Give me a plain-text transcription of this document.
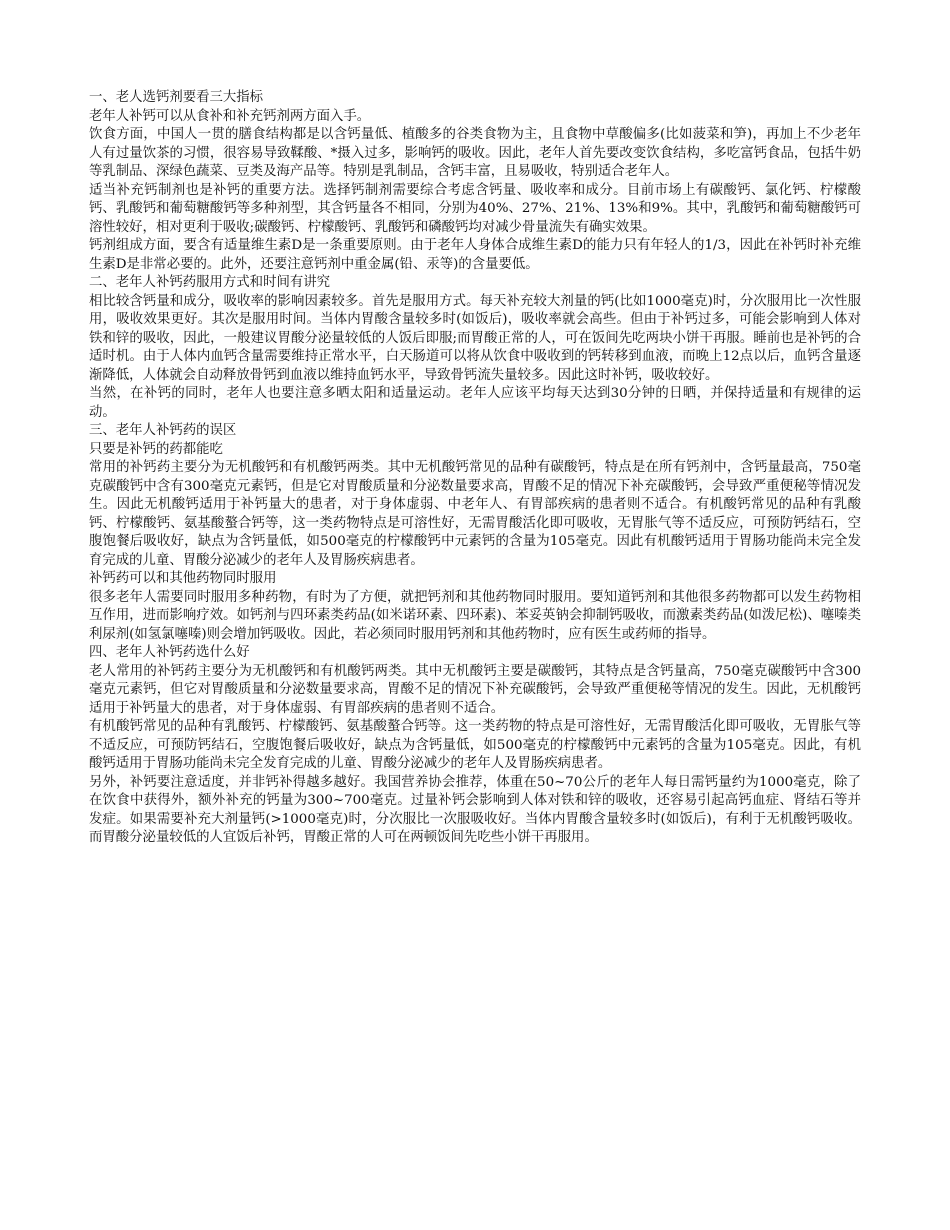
一、老人选钙剂要看三大指标

老年人补钙可以从食补和补充钙剂两方面入手。

饮食方面，中国人一贯的膳食结构都是以含钙量低、植酸多的谷类食物为主，且食物中草酸偏多(比如菠菜和笋)，再加上不少老年人有过量饮茶的习惯，很容易导致鞣酸、*摄入过多，影响钙的吸收。因此，老年人首先要改变饮食结构，多吃富钙食品，包括牛奶等乳制品、深绿色蔬菜、豆类及海产品等。特别是乳制品，含钙丰富，且易吸收，特别适合老年人。

适当补充钙制剂也是补钙的重要方法。选择钙制剂需要综合考虑含钙量、吸收率和成分。目前市场上有碳酸钙、氯化钙、柠檬酸钙、乳酸钙和葡萄糖酸钙等多种剂型，其含钙量各不相同，分别为40%、27%、21%、13%和9%。其中，乳酸钙和葡萄糖酸钙可溶性较好，相对更利于吸收;碳酸钙、柠檬酸钙、乳酸钙和磷酸钙均对减少骨量流失有确实效果。

钙剂组成方面，要含有适量维生素D是一条重要原则。由于老年人身体合成维生素D的能力只有年轻人的1/3，因此在补钙时补充维生素D是非常必要的。此外，还要注意钙剂中重金属(铅、汞等)的含量要低。

二、老年人补钙药服用方式和时间有讲究

相比较含钙量和成分，吸收率的影响因素较多。首先是服用方式。每天补充较大剂量的钙(比如1000毫克)时，分次服用比一次性服用，吸收效果更好。其次是服用时间。当体内胃酸含量较多时(如饭后)，吸收率就会高些。但由于补钙过多，可能会影响到人体对铁和锌的吸收，因此，一般建议胃酸分泌量较低的人饭后即服;而胃酸正常的人，可在饭间先吃两块小饼干再服。睡前也是补钙的合适时机。由于人体内血钙含量需要维持正常水平，白天肠道可以将从饮食中吸收到的钙转移到血液，而晚上12点以后，血钙含量逐渐降低，人体就会自动释放骨钙到血液以维持血钙水平，导致骨钙流失量较多。因此这时补钙，吸收较好。

当然，在补钙的同时，老年人也要注意多晒太阳和适量运动。老年人应该平均每天达到30分钟的日晒，并保持适量和有规律的运动。

三、老年人补钙药的误区

只要是补钙的药都能吃

常用的补钙药主要分为无机酸钙和有机酸钙两类。其中无机酸钙常见的品种有碳酸钙，特点是在所有钙剂中，含钙量最高，750毫克碳酸钙中含有300毫克元素钙，但是它对胃酸质量和分泌数量要求高，胃酸不足的情况下补充碳酸钙，会导致严重便秘等情况发生。因此无机酸钙适用于补钙量大的患者，对于身体虚弱、中老年人、有胃部疾病的患者则不适合。有机酸钙常见的品种有乳酸钙、柠檬酸钙、氨基酸螯合钙等，这一类药物特点是可溶性好，无需胃酸活化即可吸收，无胃胀气等不适反应，可预防钙结石，空腹饱餐后吸收好，缺点为含钙量低，如500毫克的柠檬酸钙中元素钙的含量为105毫克。因此有机酸钙适用于胃肠功能尚未完全发育完成的儿童、胃酸分泌减少的老年人及胃肠疾病患者。

补钙药可以和其他药物同时服用

很多老年人需要同时服用多种药物，有时为了方便，就把钙剂和其他药物同时服用。要知道钙剂和其他很多药物都可以发生药物相互作用，进而影响疗效。如钙剂与四环素类药品(如米诺环素、四环素)、苯妥英钠会抑制钙吸收，而激素类药品(如泼尼松)、噻嗪类利尿剂(如氢氯噻嗪)则会增加钙吸收。因此，若必须同时服用钙剂和其他药物时，应有医生或药师的指导。

四、老年人补钙药选什么好

老人常用的补钙药主要分为无机酸钙和有机酸钙两类。其中无机酸钙主要是碳酸钙，其特点是含钙量高，750毫克碳酸钙中含300毫克元素钙，但它对胃酸质量和分泌数量要求高，胃酸不足的情况下补充碳酸钙，会导致严重便秘等情况的发生。因此，无机酸钙适用于补钙量大的患者，对于身体虚弱、有胃部疾病的患者则不适合。

有机酸钙常见的品种有乳酸钙、柠檬酸钙、氨基酸螯合钙等。这一类药物的特点是可溶性好，无需胃酸活化即可吸收，无胃胀气等不适反应，可预防钙结石，空腹饱餐后吸收好，缺点为含钙量低，如500毫克的柠檬酸钙中元素钙的含量为105毫克。因此，有机酸钙适用于胃肠功能尚未完全发育完成的儿童、胃酸分泌减少的老年人及胃肠疾病患者。

另外，补钙要注意适度，并非钙补得越多越好。我国营养协会推荐，体重在50~70公斤的老年人每日需钙量约为1000毫克，除了在饮食中获得外，额外补充的钙量为300~700毫克。过量补钙会影响到人体对铁和锌的吸收，还容易引起高钙血症、肾结石等并发症。如果需要补充大剂量钙(>1000毫克)时，分次服比一次服吸收好。当体内胃酸含量较多时(如饭后)，有利于无机酸钙吸收。而胃酸分泌量较低的人宜饭后补钙，胃酸正常的人可在两顿饭间先吃些小饼干再服用。
